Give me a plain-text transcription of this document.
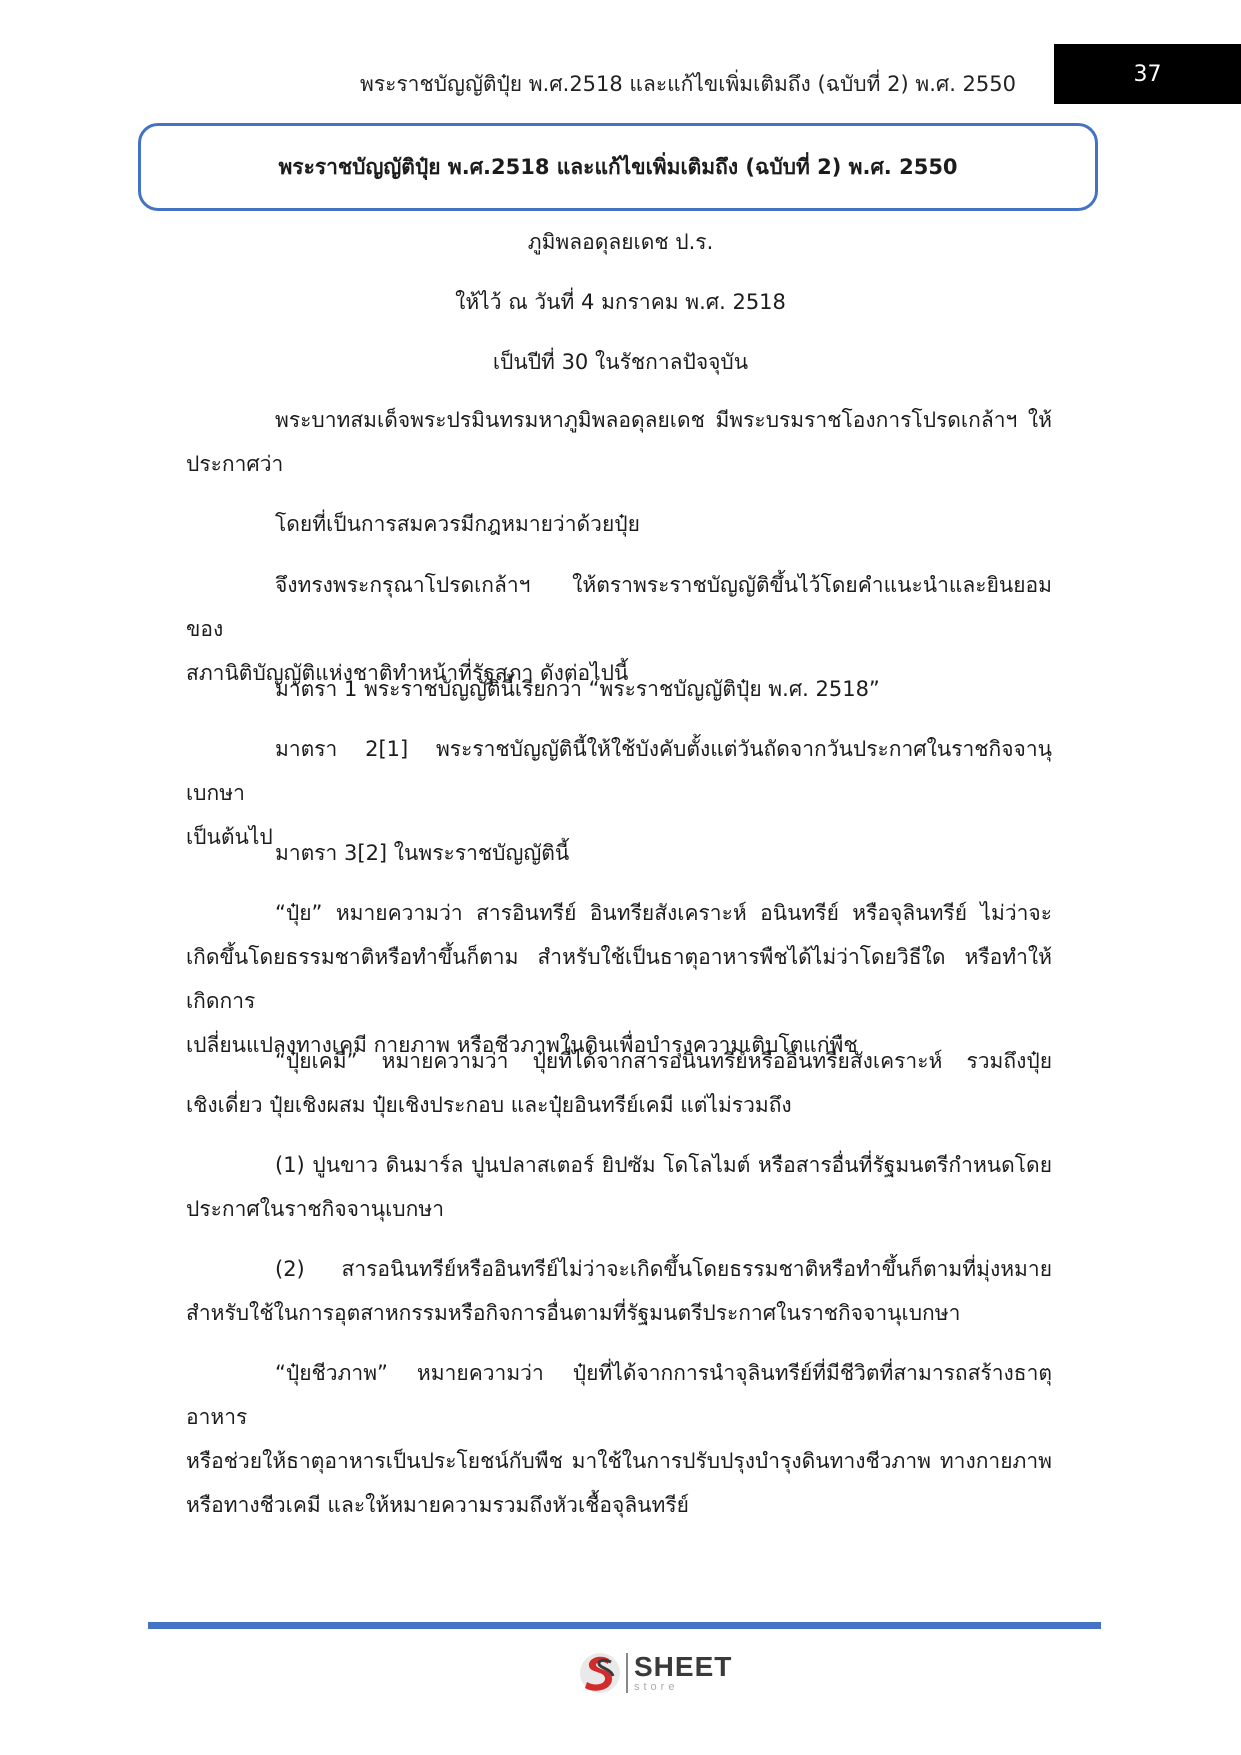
พระราชบัญญัติปุ๋ย พ.ศ.2518 และแก้ไขเพิ่มเติมถึง (ฉบับที่ 2) พ.ศ. 2550	37
พระราชบัญญัติปุ๋ย พ.ศ.2518 และแก้ไขเพิ่มเติมถึง (ฉบับที่ 2) พ.ศ. 2550
ภูมิพลอดุลยเดช ป.ร.
ให้ไว้ ณ วันที่ 4 มกราคม พ.ศ. 2518
เป็นปีที่ 30 ในรัชกาลปัจจุบัน
พระบาทสมเด็จพระปรมินทรมหาภูมิพลอดุลยเดช มีพระบรมราชโองการโปรดเกล้าฯ ให้
ประกาศว่า
โดยที่เป็นการสมควรมีกฎหมายว่าด้วยปุ๋ย
จึงทรงพระกรุณาโปรดเกล้าฯ ให้ตราพระราชบัญญัติขึ้นไว้โดยคำแนะนำและยินยอมของ
สภานิติบัญญัติแห่งชาติทำหน้าที่รัฐสภา ดังต่อไปนี้
มาตรา 1 พระราชบัญญัตินี้เรียกว่า “พระราชบัญญัติปุ๋ย พ.ศ. 2518”
มาตรา 2[1] พระราชบัญญัตินี้ให้ใช้บังคับตั้งแต่วันถัดจากวันประกาศในราชกิจจานุเบกษา
เป็นต้นไป
มาตรา 3[2] ในพระราชบัญญัตินี้
“ปุ๋ย” หมายความว่า สารอินทรีย์ อินทรียสังเคราะห์ อนินทรีย์ หรือจุลินทรีย์ ไม่ว่าจะ
เกิดขึ้นโดยธรรมชาติหรือทำขึ้นก็ตาม สำหรับใช้เป็นธาตุอาหารพืชได้ไม่ว่าโดยวิธีใด หรือทำให้เกิดการ
เปลี่ยนแปลงทางเคมี กายภาพ หรือชีวภาพในดินเพื่อบำรุงความเติบโตแก่พืช
“ปุ๋ยเคมี” หมายความว่า ปุ๋ยที่ได้จากสารอนินทรีย์หรืออินทรียสังเคราะห์ รวมถึงปุ๋ย
เชิงเดี่ยว ปุ๋ยเชิงผสม ปุ๋ยเชิงประกอบ และปุ๋ยอินทรีย์เคมี แต่ไม่รวมถึง
(1) ปูนขาว ดินมาร์ล ปูนปลาสเตอร์ ยิปซัม โดโลไมต์ หรือสารอื่นที่รัฐมนตรีกำหนดโดย
ประกาศในราชกิจจานุเบกษา
(2) สารอนินทรีย์หรืออินทรีย์ไม่ว่าจะเกิดขึ้นโดยธรรมชาติหรือทำขึ้นก็ตามที่มุ่งหมาย
สำหรับใช้ในการอุตสาหกรรมหรือกิจการอื่นตามที่รัฐมนตรีประกาศในราชกิจจานุเบกษา
“ปุ๋ยชีวภาพ” หมายความว่า ปุ๋ยที่ได้จากการนำจุลินทรีย์ที่มีชีวิตที่สามารถสร้างธาตุอาหาร
หรือช่วยให้ธาตุอาหารเป็นประโยชน์กับพืช มาใช้ในการปรับปรุงบำรุงดินทางชีวภาพ ทางกายภาพ
หรือทางชีวเคมี และให้หมายความรวมถึงหัวเชื้อจุลินทรีย์
SHEET
store
